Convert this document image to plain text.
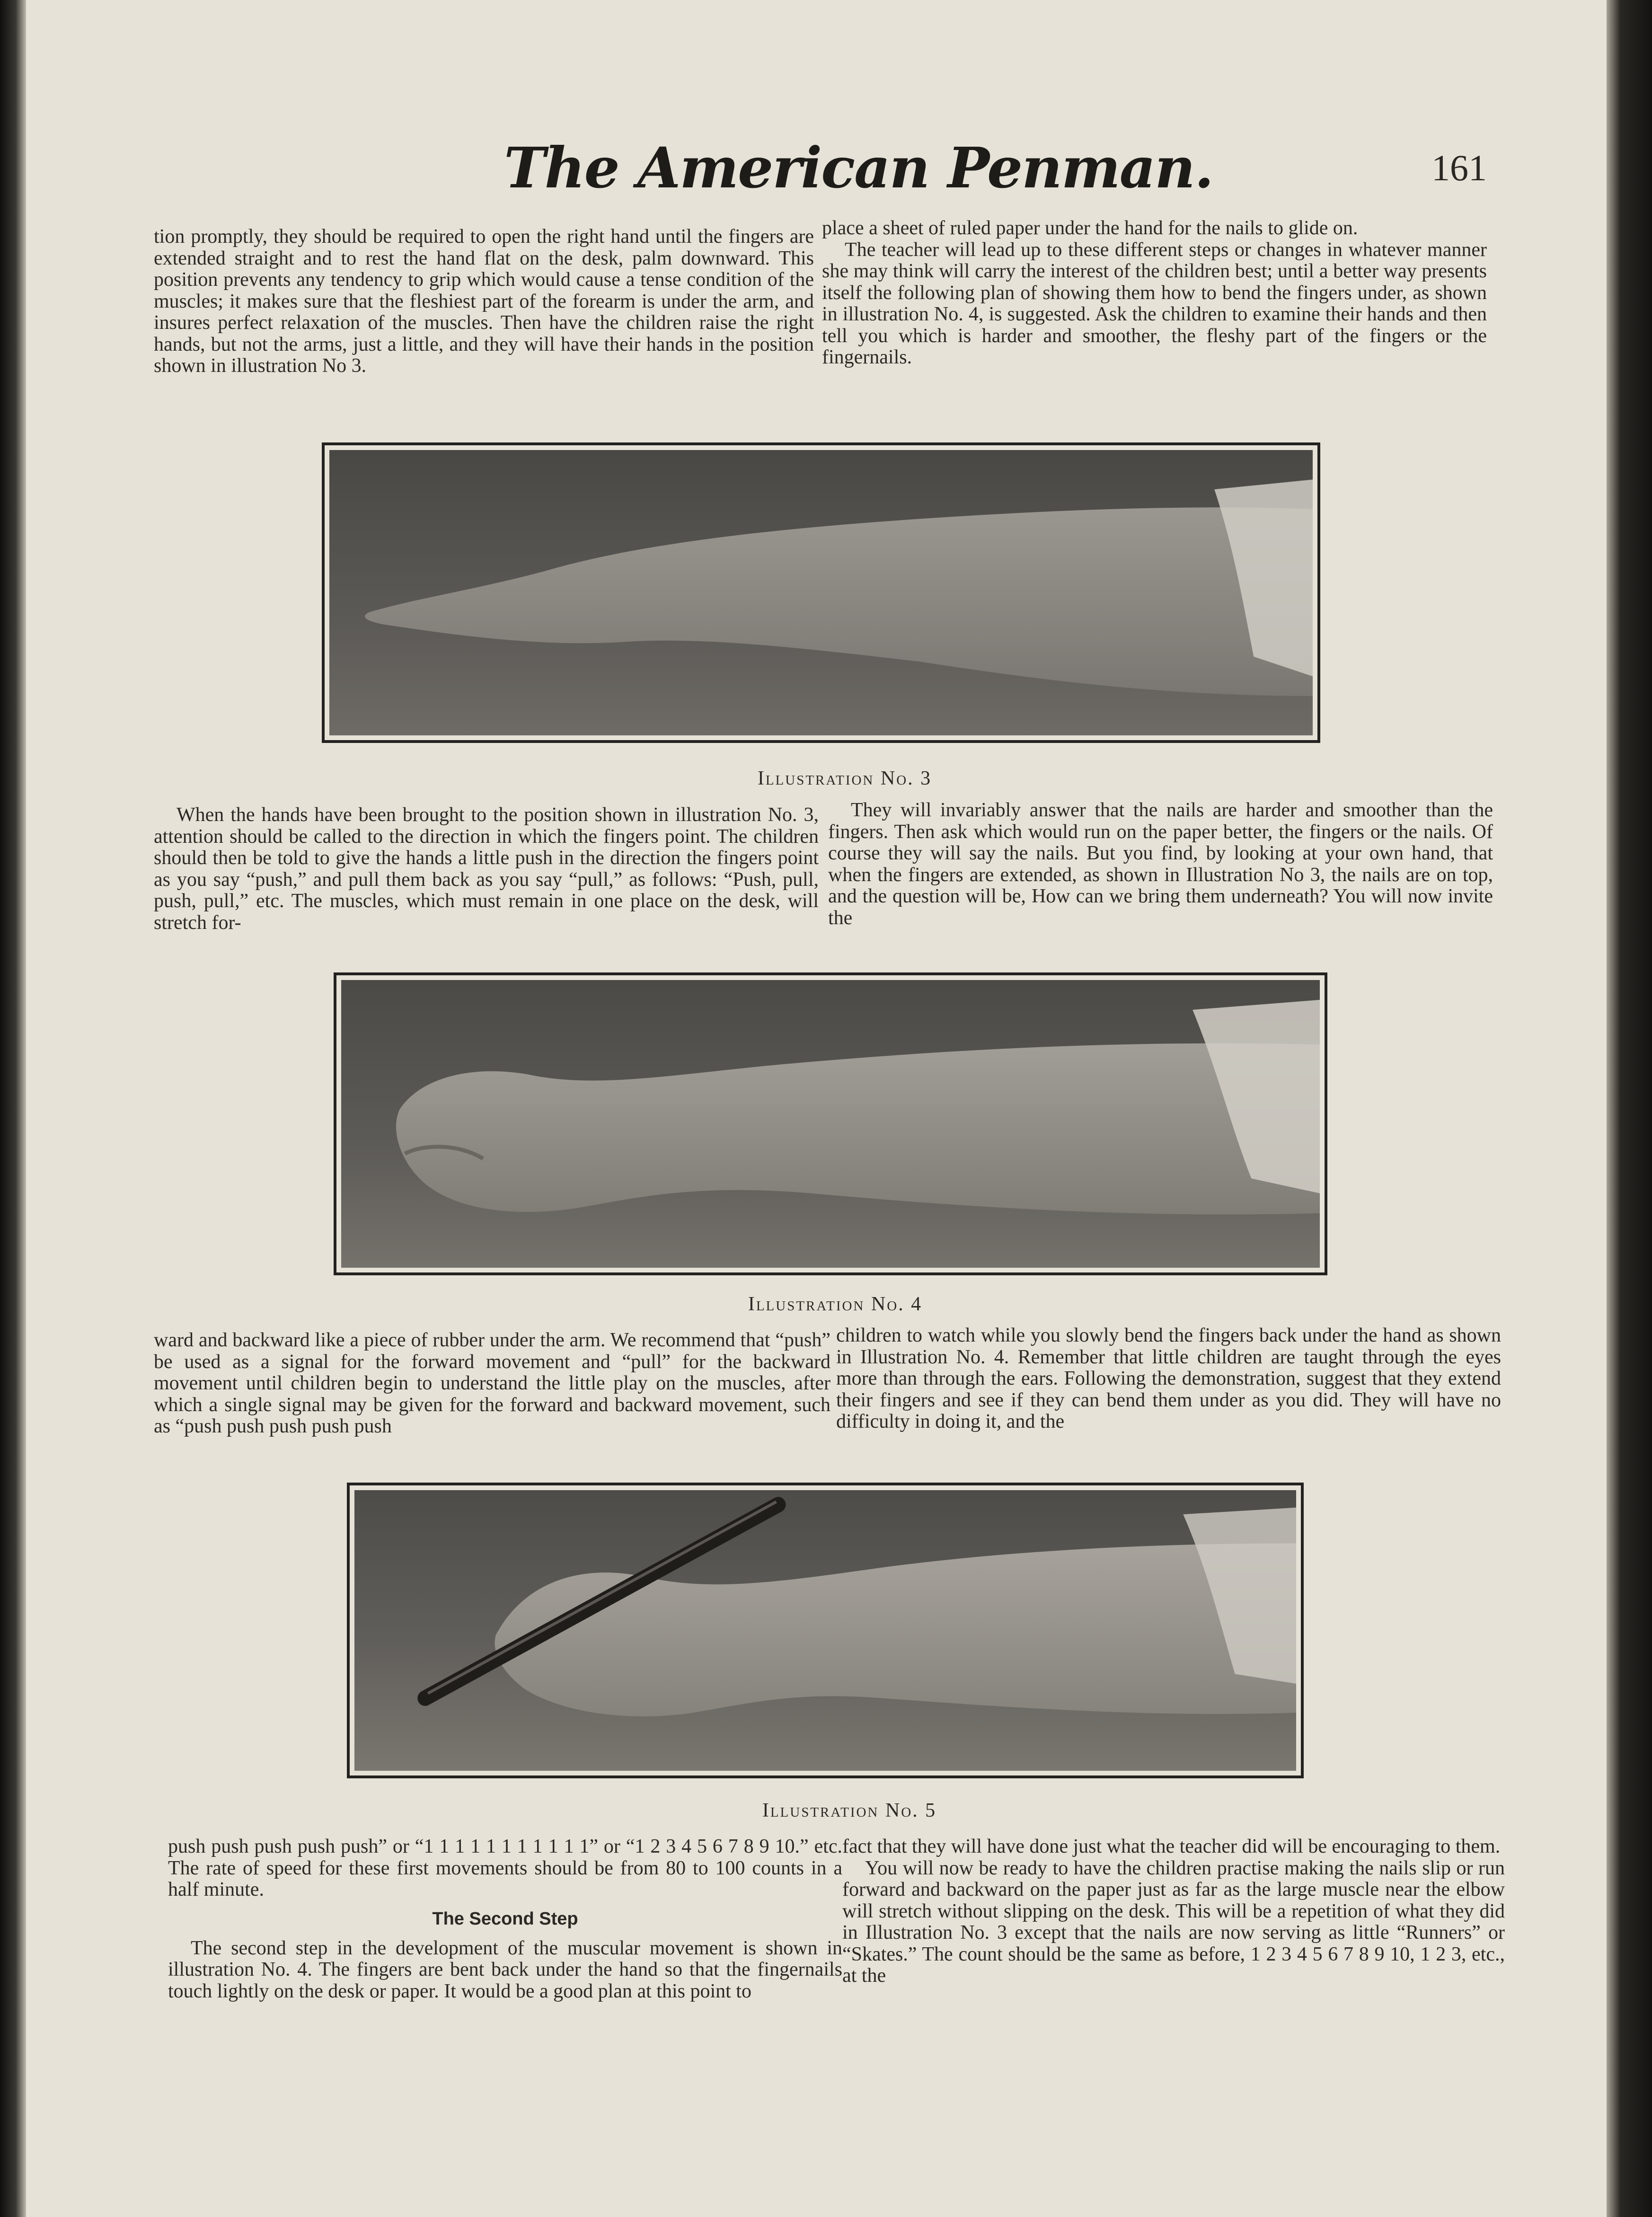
The American Penman.	161

tion promptly, they should be required to open the right hand until the fingers are extended straight and to rest the hand flat on the desk, palm downward. This position prevents any tendency to grip which would cause a tense condition of the muscles; it makes sure that the fleshiest part of the forearm is under the arm, and insures perfect relaxation of the muscles. Then have the children raise the right hands, but not the arms, just a little, and they will have their hands in the position shown in illustration No 3.

place a sheet of ruled paper under the hand for the nails to glide on.

The teacher will lead up to these different steps or changes in whatever manner she may think will carry the interest of the children best; until a better way presents itself the following plan of showing them how to bend the fingers under, as shown in illustration No. 4, is suggested. Ask the children to examine their hands and then tell you which is harder and smoother, the fleshy part of the fingers or the fingernails.

Illustration No. 3

When the hands have been brought to the position shown in illustration No. 3, attention should be called to the direction in which the fingers point. The children should then be told to give the hands a little push in the direction the fingers point as you say “push,” and pull them back as you say “pull,” as follows: “Push, pull, push, pull,” etc. The muscles, which must remain in one place on the desk, will stretch for-

They will invariably answer that the nails are harder and smoother than the fingers. Then ask which would run on the paper better, the fingers or the nails. Of course they will say the nails. But you find, by looking at your own hand, that when the fingers are extended, as shown in Illustration No 3, the nails are on top, and the question will be, How can we bring them underneath? You will now invite the

Illustration No. 4

ward and backward like a piece of rubber under the arm. We recommend that “push” be used as a signal for the forward movement and “pull” for the backward movement until children begin to understand the little play on the muscles, after which a single signal may be given for the forward and backward movement, such as “push push push push push

children to watch while you slowly bend the fingers back under the hand as shown in Illustration No. 4. Remember that little children are taught through the eyes more than through the ears. Following the demonstration, suggest that they extend their fingers and see if they can bend them under as you did. They will have no difficulty in doing it, and the

Illustration No. 5

push push push push push” or “1 1 1 1 1 1 1 1 1 1 1” or “1 2 3 4 5 6 7 8 9 10.” etc. The rate of speed for these first movements should be from 80 to 100 counts in a half minute.

The Second Step

The second step in the development of the muscular movement is shown in illustration No. 4. The fingers are bent back under the hand so that the fingernails touch lightly on the desk or paper. It would be a good plan at this point to

fact that they will have done just what the teacher did will be encouraging to them.

You will now be ready to have the children practise making the nails slip or run forward and backward on the paper just as far as the large muscle near the elbow will stretch without slipping on the desk. This will be a repetition of what they did in Illustration No. 3 except that the nails are now serving as little “Runners” or “Skates.” The count should be the same as before, 1 2 3 4 5 6 7 8 9 10, 1 2 3, etc., at the
